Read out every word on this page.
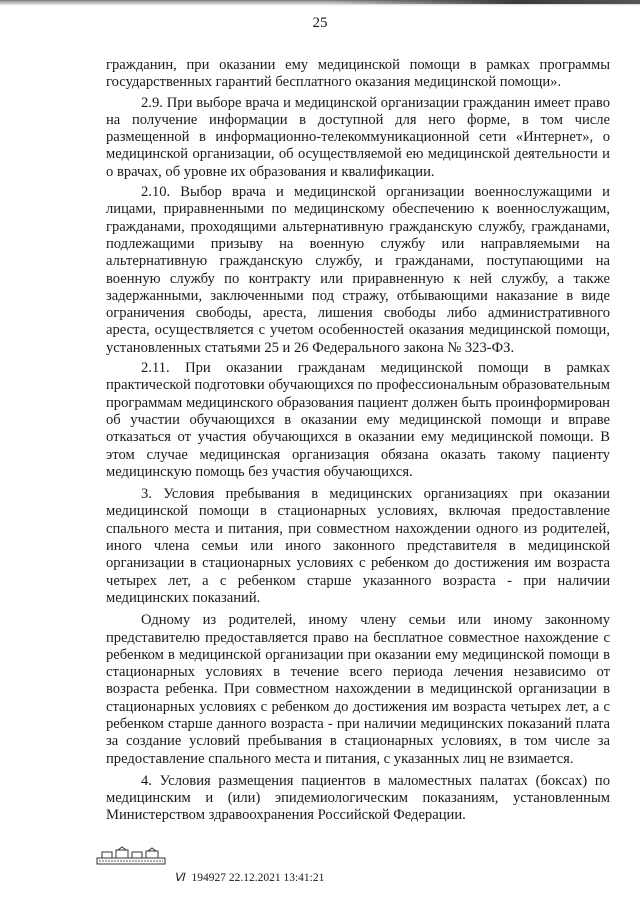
25

гражданин, при оказании ему медицинской помощи в рамках программы государственных гарантий бесплатного оказания медицинской помощи».

2.9. При выборе врача и медицинской организации гражданин имеет право на получение информации в доступной для него форме, в том числе размещенной в информационно-телекоммуникационной сети «Интернет», о медицинской организации, об осуществляемой ею медицинской деятельности и о врачах, об уровне их образования и квалификации.

2.10. Выбор врача и медицинской организации военнослужащими и лицами, приравненными по медицинскому обеспечению к военнослужащим, гражданами, проходящими альтернативную гражданскую службу, гражданами, подлежащими призыву на военную службу или направляемыми на альтернативную гражданскую службу, и гражданами, поступающими на военную службу по контракту или приравненную к ней службу, а также задержанными, заключенными под стражу, отбывающими наказание в виде ограничения свободы, ареста, лишения свободы либо административного ареста, осуществляется с учетом особенностей оказания медицинской помощи, установленных статьями 25 и 26 Федерального закона № 323-ФЗ.

2.11. При оказании гражданам медицинской помощи в рамках практической подготовки обучающихся по профессиональным образовательным программам медицинского образования пациент должен быть проинформирован об участии обучающихся в оказании ему медицинской помощи и вправе отказаться от участия обучающихся в оказании ему медицинской помощи. В этом случае медицинская организация обязана оказать такому пациенту медицинскую помощь без участия обучающихся.

3. Условия пребывания в медицинских организациях при оказании медицинской помощи в стационарных условиях, включая предоставление спального места и питания, при совместном нахождении одного из родителей, иного члена семьи или иного законного представителя в медицинской организации в стационарных условиях с ребенком до достижения им возраста четырех лет, а с ребенком старше указанного возраста - при наличии медицинских показаний.

Одному из родителей, иному члену семьи или иному законному представителю предоставляется право на бесплатное совместное нахождение с ребенком в медицинской организации при оказании ему медицинской помощи в стационарных условиях в течение всего периода лечения независимо от возраста ребенка. При совместном нахождении в медицинской организации в стационарных условиях с ребенком до достижения им возраста четырех лет, а с ребенком старше данного возраста - при наличии медицинских показаний плата за создание условий пребывания в стационарных условиях, в том числе за предоставление спального места и питания, с указанных лиц не взимается.

4. Условия размещения пациентов в маломестных палатах (боксах) по медицинским и (или) эпидемиологическим показаниям, установленным Министерством здравоохранения Российской Федерации.

Ⅵ 194927 22.12.2021 13:41:21
